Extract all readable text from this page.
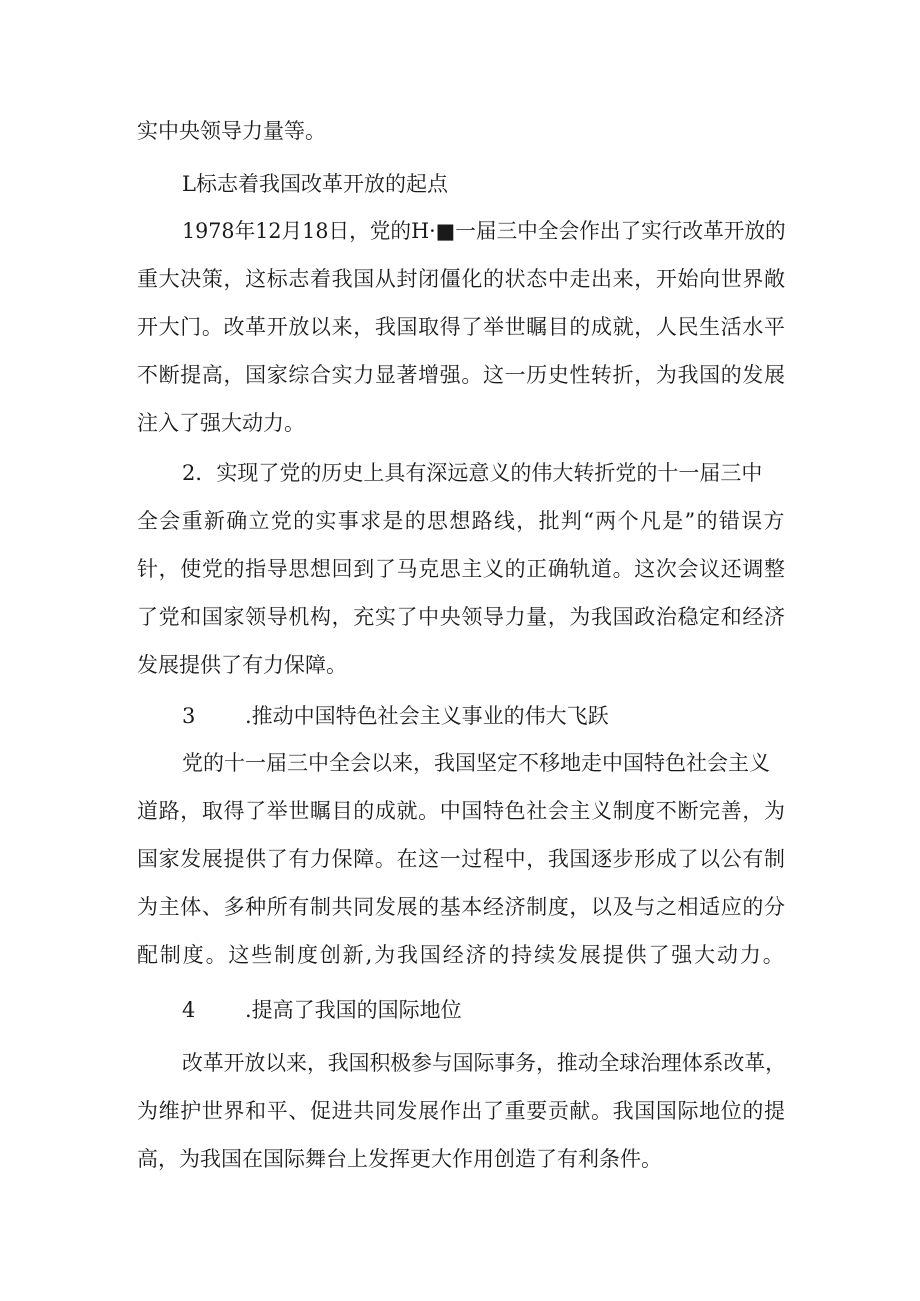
实中央领导力量等。
L标志着我国改革开放的起点
1978年12月18日，党的H·■一届三中全会作出了实行改革开放的
重大决策，这标志着我国从封闭僵化的状态中走出来，开始向世界敞
开大门。改革开放以来，我国取得了举世瞩目的成就，人民生活水平
不断提高，国家综合实力显著增强。这一历史性转折，为我国的发展
注入了强大动力。
2．实现了党的历史上具有深远意义的伟大转折党的十一届三中
全会重新确立党的实事求是的思想路线，批判“两个凡是”的错误方
针，使党的指导思想回到了马克思主义的正确轨道。这次会议还调整
了党和国家领导机构，充实了中央领导力量，为我国政治稳定和经济
发展提供了有力保障。
3 .推动中国特色社会主义事业的伟大飞跃
党的十一届三中全会以来，我国坚定不移地走中国特色社会主义
道路，取得了举世瞩目的成就。中国特色社会主义制度不断完善，为
国家发展提供了有力保障。在这一过程中，我国逐步形成了以公有制
为主体、多种所有制共同发展的基本经济制度，以及与之相适应的分
配制度。这些制度创新,为我国经济的持续发展提供了强大动力。
4 .提高了我国的国际地位
改革开放以来，我国积极参与国际事务，推动全球治理体系改革，
为维护世界和平、促进共同发展作出了重要贡献。我国国际地位的提
高，为我国在国际舞台上发挥更大作用创造了有利条件。
